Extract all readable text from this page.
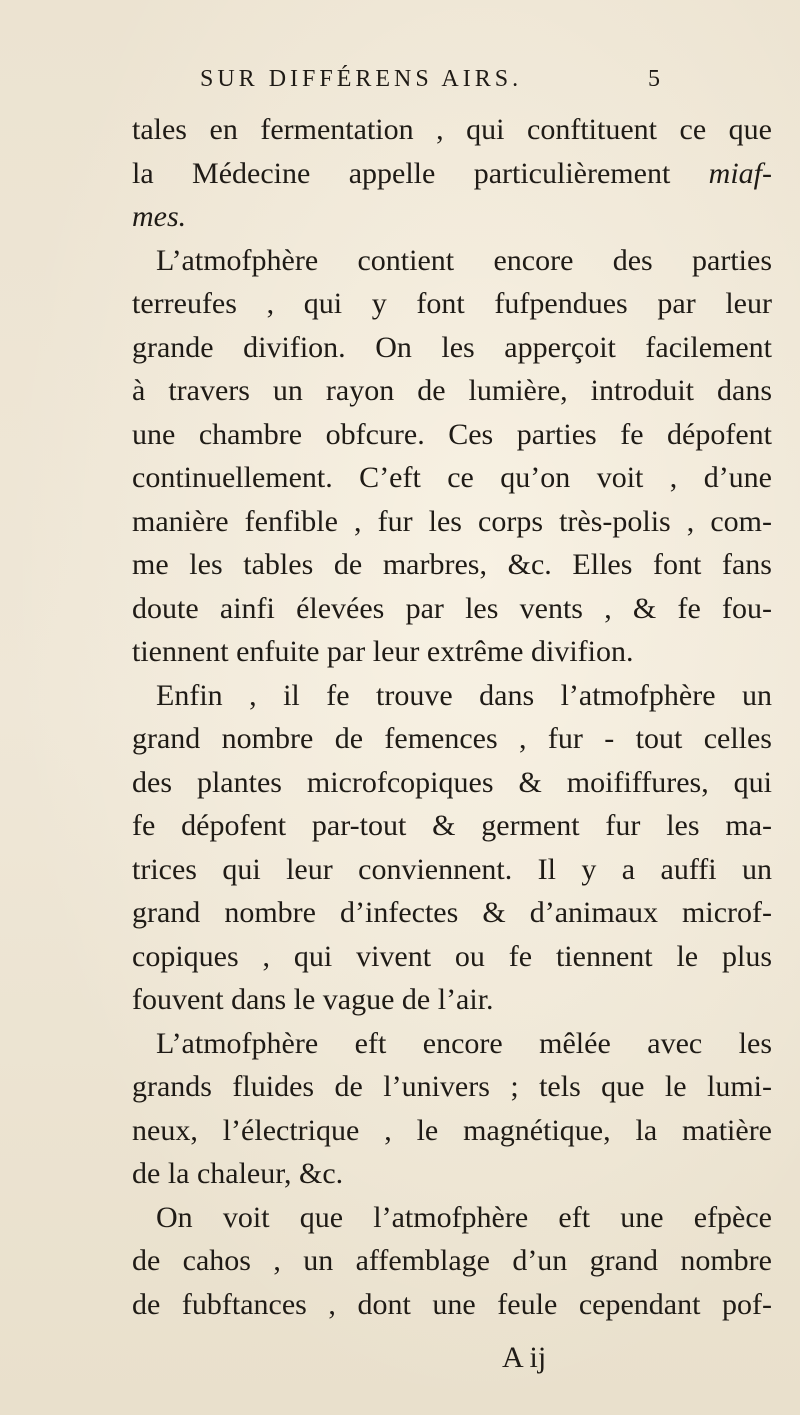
SUR DIFFÉRENS AIRS.	5
tales en fermentation , qui conftituent ce que
la Médecine appelle particulièrement miaf-
mes.
L’atmofphère contient encore des parties
terreufes , qui y font fufpendues par leur
grande divifion. On les apperçoit facilement
à travers un rayon de lumière, introduit dans
une chambre obfcure. Ces parties fe dépofent
continuellement. C’eft ce qu’on voit , d’une
manière fenfible , fur les corps très-polis , com-
me les tables de marbres, &c. Elles font fans
doute ainfi élevées par les vents , & fe fou-
tiennent enfuite par leur extrême divifion.
Enfin , il fe trouve dans l’atmofphère un
grand nombre de femences , fur - tout celles
des plantes microfcopiques & moififfures, qui
fe dépofent par-tout & germent fur les ma-
trices qui leur conviennent. Il y a auffi un
grand nombre d’infectes & d’animaux microf-
copiques , qui vivent ou fe tiennent le plus
fouvent dans le vague de l’air.
L’atmofphère eft encore mêlée avec les
grands fluides de l’univers ; tels que le lumi-
neux, l’électrique , le magnétique, la matière
de la chaleur, &c.
On voit que l’atmofphère eft une efpèce
de cahos , un affemblage d’un grand nombre
de fubftances , dont une feule cependant pof-
A ij
